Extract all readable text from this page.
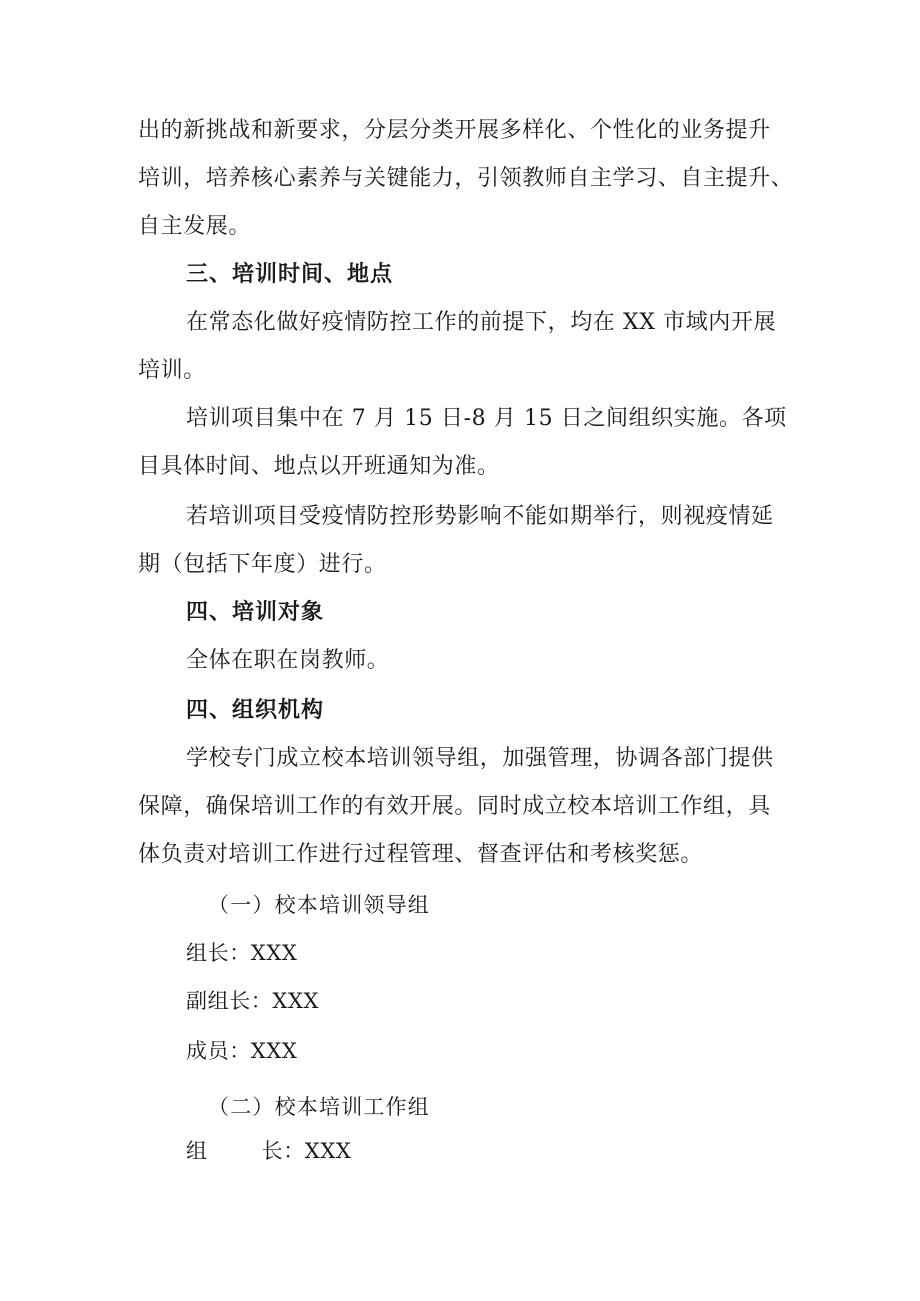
出的新挑战和新要求，分层分类开展多样化、个性化的业务提升
培训，培养核心素养与关键能力，引领教师自主学习、自主提升、
自主发展。
三、培训时间、地点
在常态化做好疫情防控工作的前提下，均在 XX 市域内开展
培训。
培训项目集中在 7 月 15 日-8 月 15 日之间组织实施。各项
目具体时间、地点以开班通知为准。
若培训项目受疫情防控形势影响不能如期举行，则视疫情延
期（包括下年度）进行。
四、培训对象
全体在职在岗教师。
四、组织机构
学校专门成立校本培训领导组，加强管理，协调各部门提供
保障，确保培训工作的有效开展。同时成立校本培训工作组，具
体负责对培训工作进行过程管理、督查评估和考核奖惩。
（一）校本培训领导组
组长：XXX
副组长：XXX
成员：XXX
（二）校本培训工作组
组	长：XXX
